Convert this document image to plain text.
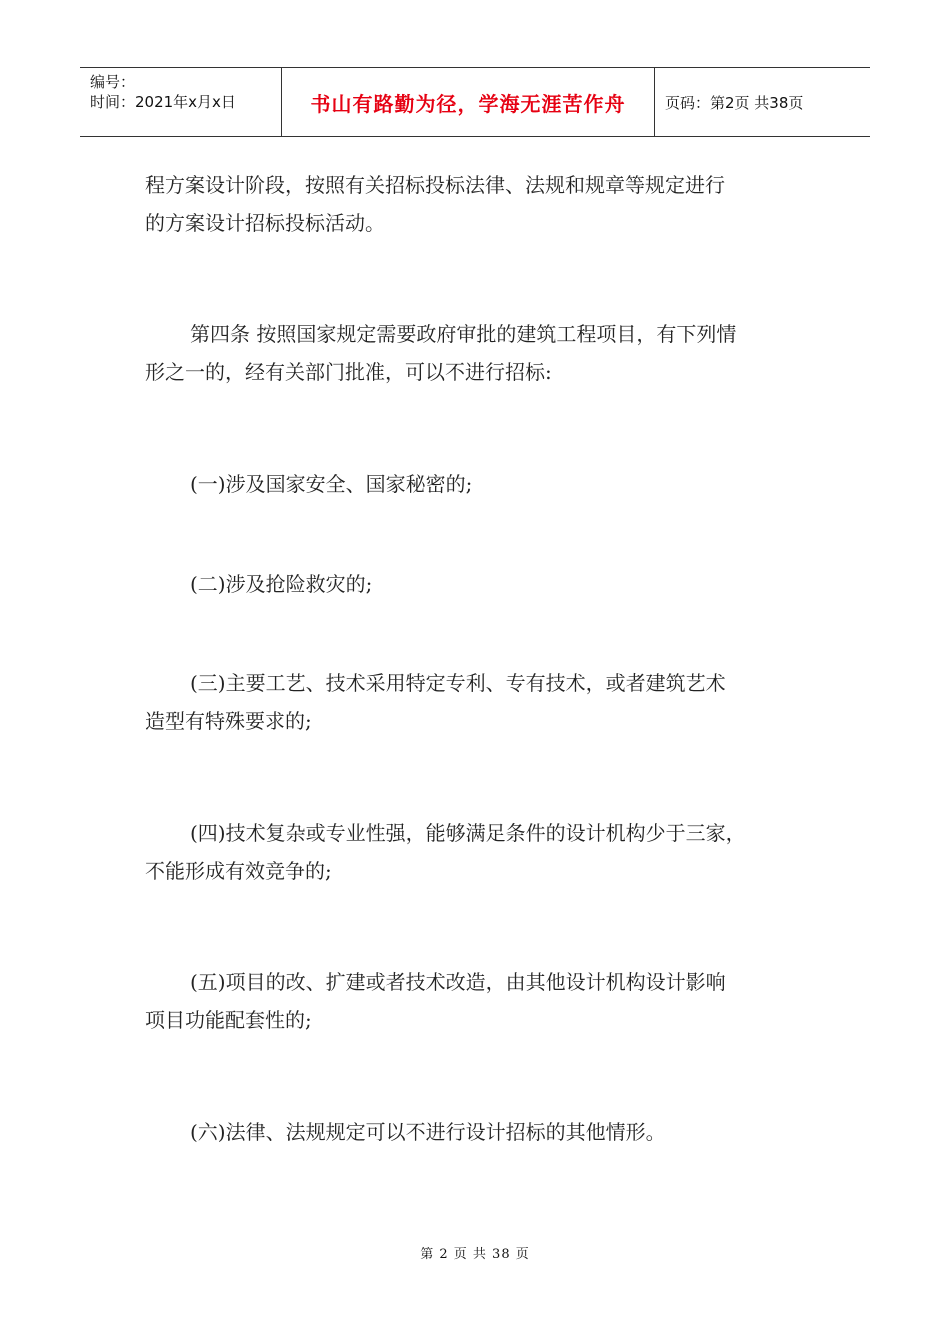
编号：
时间：2021年x月x日	书山有路勤为径，学海无涯苦作舟	页码：第2页 共38页

程方案设计阶段，按照有关招标投标法律、法规和规章等规定进行
的方案设计招标投标活动。

第四条 按照国家规定需要政府审批的建筑工程项目，有下列情
形之一的，经有关部门批准，可以不进行招标:

(一)涉及国家安全、国家秘密的;

(二)涉及抢险救灾的;

(三)主要工艺、技术采用特定专利、专有技术，或者建筑艺术
造型有特殊要求的;

(四)技术复杂或专业性强，能够满足条件的设计机构少于三家，
不能形成有效竞争的;

(五)项目的改、扩建或者技术改造，由其他设计机构设计影响
项目功能配套性的;

(六)法律、法规规定可以不进行设计招标的其他情形。

第 2 页 共 38 页
